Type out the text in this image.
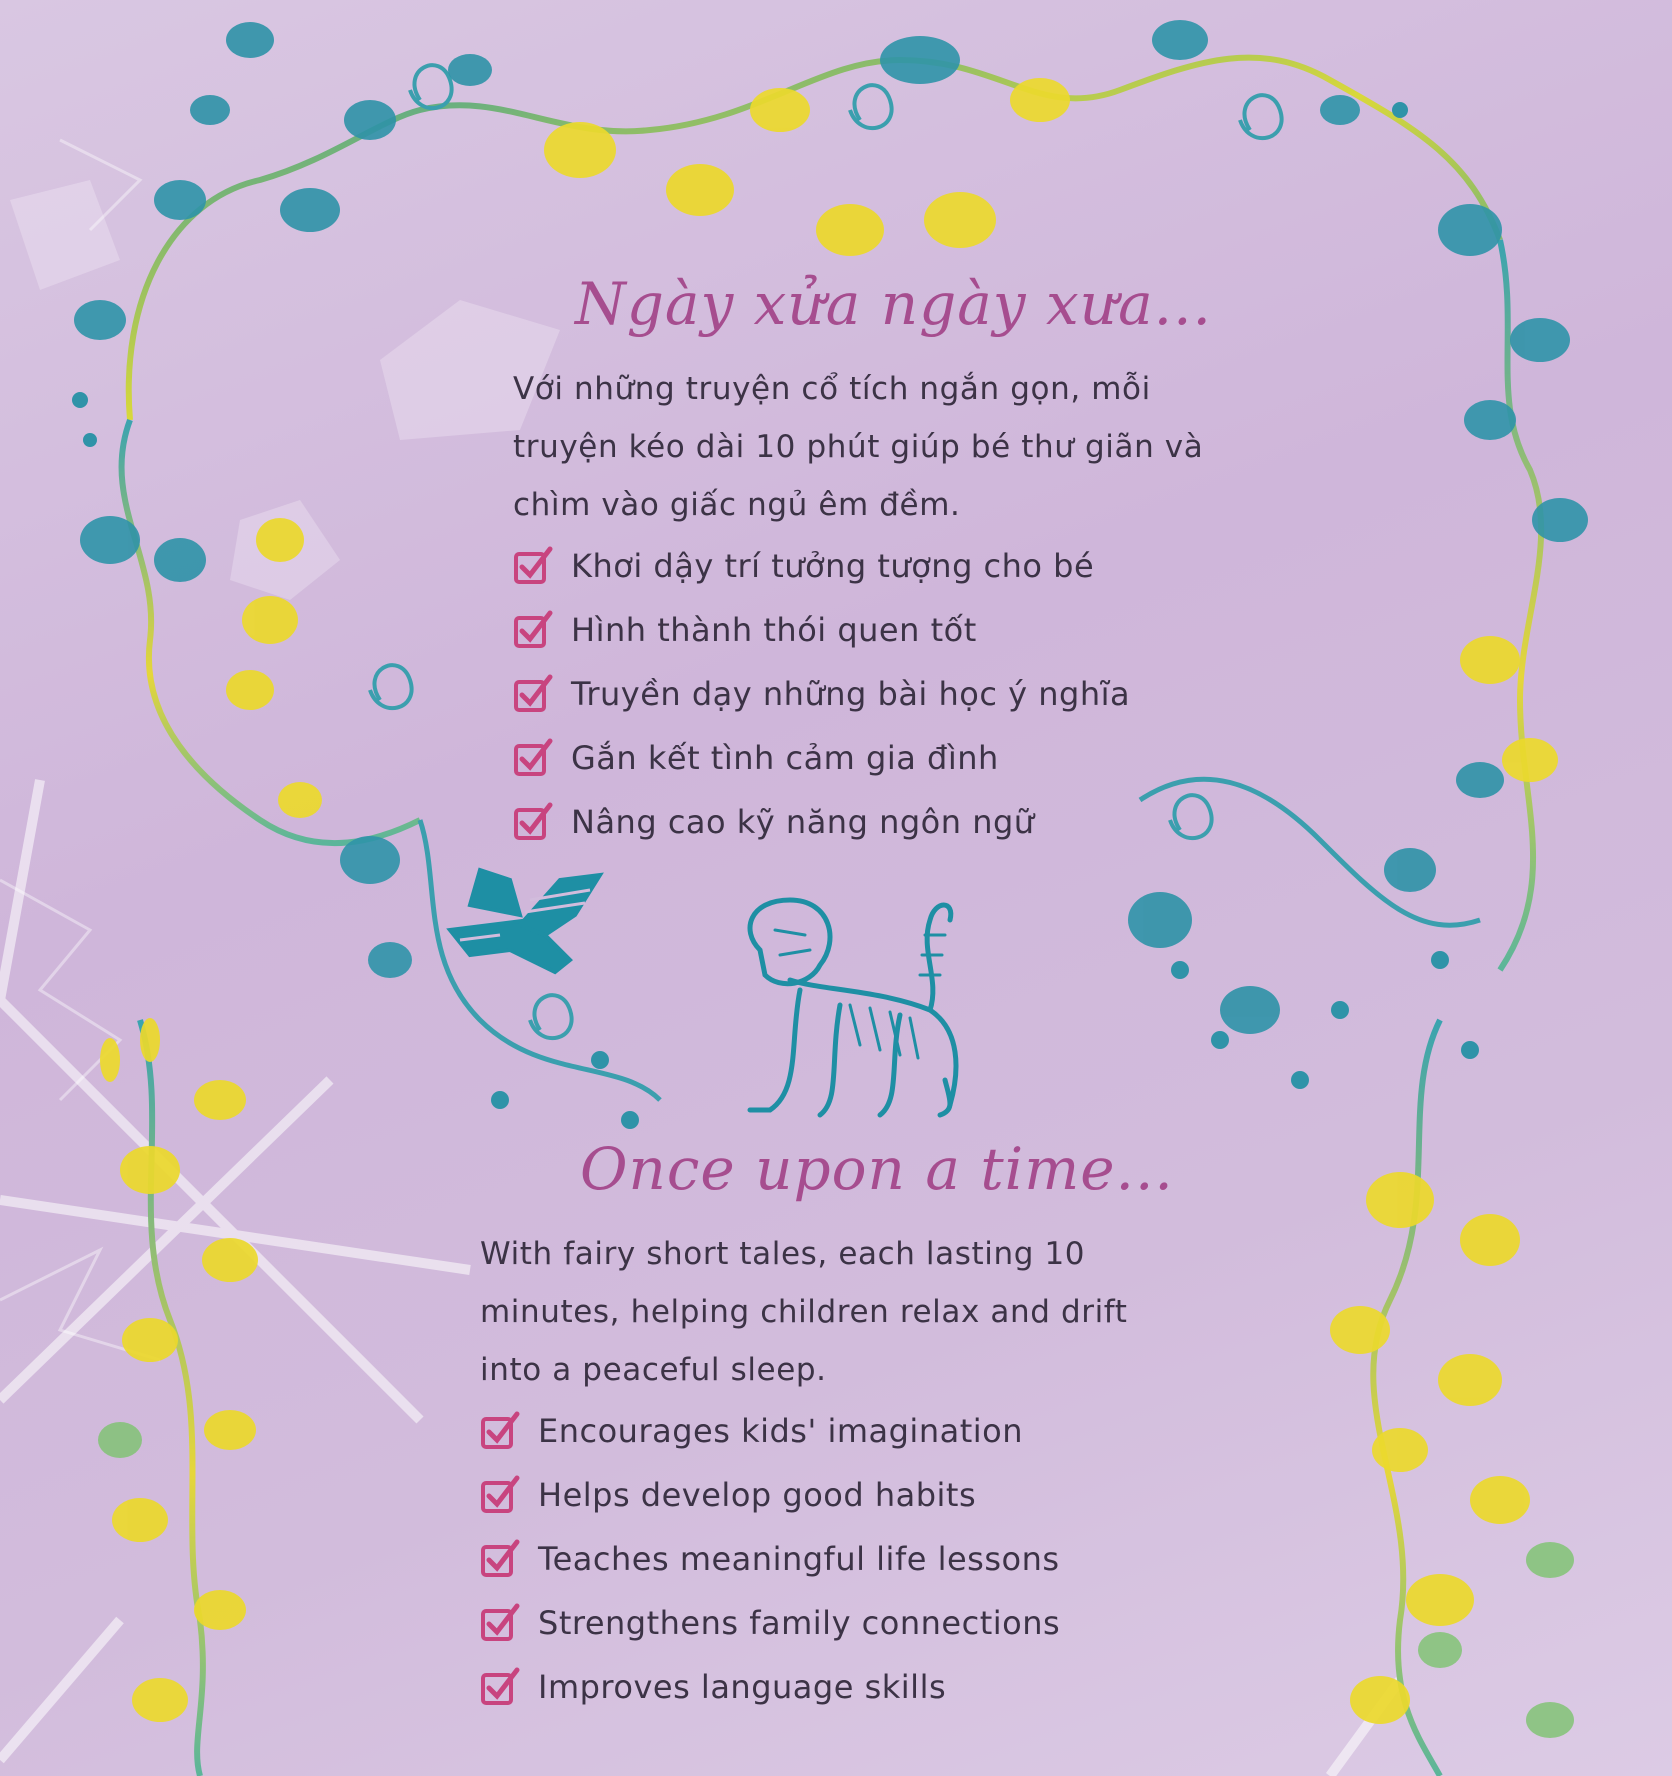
Ngày xửa ngày xưa...
Với những truyện cổ tích ngắn gọn, mỗi
truyện kéo dài 10 phút giúp bé thư giãn và
chìm vào giấc ngủ êm đềm.
Khơi dậy trí tưởng tượng cho bé
Hình thành thói quen tốt
Truyền dạy những bài học ý nghĩa
Gắn kết tình cảm gia đình
Nâng cao kỹ năng ngôn ngữ
Once upon a time...
With fairy short tales, each lasting 10
minutes, helping children relax and drift
into a peaceful sleep.
Encourages kids' imagination
Helps develop good habits
Teaches meaningful life lessons
Strengthens family connections
Improves language skills
